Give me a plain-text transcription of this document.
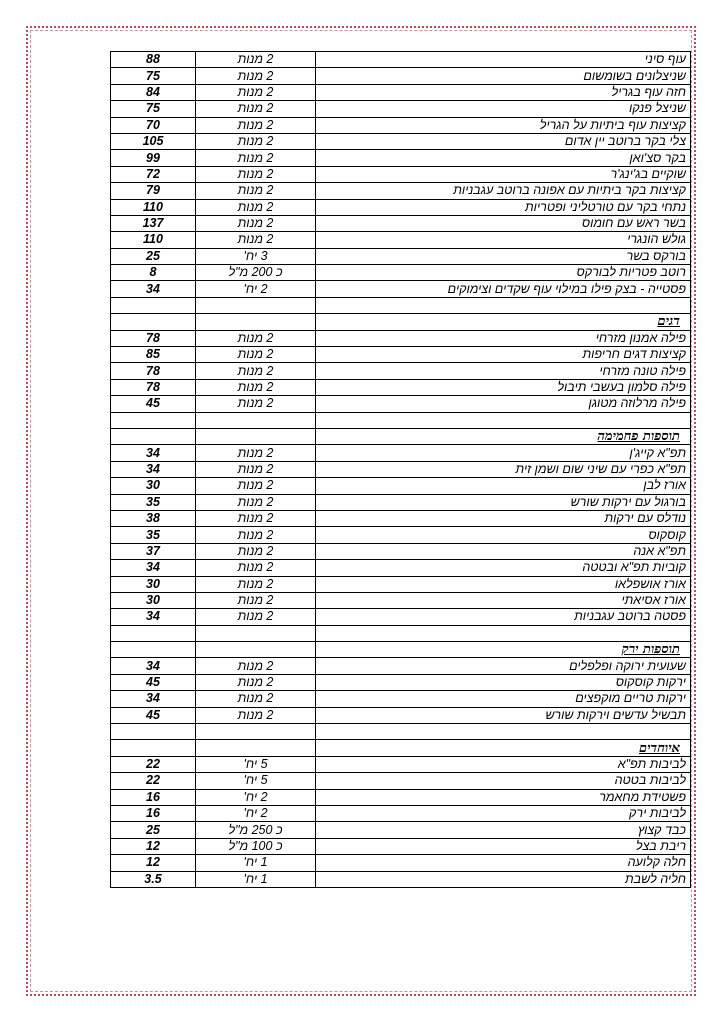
עוף סיני	2 מנות	88
שניצלונים בשומשום	2 מנות	75
חזה עוף בגריל	2 מנות	84
שניצל פנקו	2 מנות	75
קציצות עוף ביתיות על הגריל	2 מנות	70
צלי בקר ברוטב יין אדום	2 מנות	105
בקר סצ'ואן	2 מנות	99
שוקיים בג'ינג'ר	2 מנות	72
קציצות בקר ביתיות עם אפונה ברוטב עגבניות	2 מנות	79
נתחי בקר עם טורטליני ופטריות	2 מנות	110
בשר ראש עם חומוס	2 מנות	137
גולש הונגרי	2 מנות	110
בורקס בשר	3 יח'	25
רוטב פטריות לבורקס	כ 200 מ"ל	8
פסטייה - בצק פילו במילוי עוף שקדים וצימוקים	2 יח'	34

דגים		
פילה אמנון מזרחי	2 מנות	78
קציצות דגים חריפות	2 מנות	85
פילה טונה מזרחי	2 מנות	78
פילה סלמון בעשבי תיבול	2 מנות	78
פילה מרלוזה מטוגן	2 מנות	45

תוספות פחמימה		
תפ"א קייג'ן	2 מנות	34
תפ"א כפרי עם שיני שום ושמן זית	2 מנות	34
אורז לבן	2 מנות	30
בורגול עם ירקות שורש	2 מנות	35
נודלס עם ירקות	2 מנות	38
קוסקוס	2 מנות	35
תפ"א אנה	2 מנות	37
קוביות תפ"א ובטטה	2 מנות	34
אורז אושפלאו	2 מנות	30
אורז אסיאתי	2 מנות	30
פסטה ברוטב עגבניות	2 מנות	34

תוספות ירק		
שעועית ירוקה ופלפלים	2 מנות	34
ירקות קוסקוס	2 מנות	45
ירקות טריים מוקפצים	2 מנות	34
תבשיל עדשים וירקות שורש	2 מנות	45

איוחדים		
לביבות תפ"א	5 יח'	22
לביבות בטטה	5 יח'	22
פשטידת מחאמר	2 יח'	16
לביבות ירק	2 יח'	16
כבד קצוץ	כ 250 מ"ל	25
ריבת בצל	כ 100 מ"ל	12
חלה קלועה	1 יח'	12
חליה לשבת	1 יח'	3.5
